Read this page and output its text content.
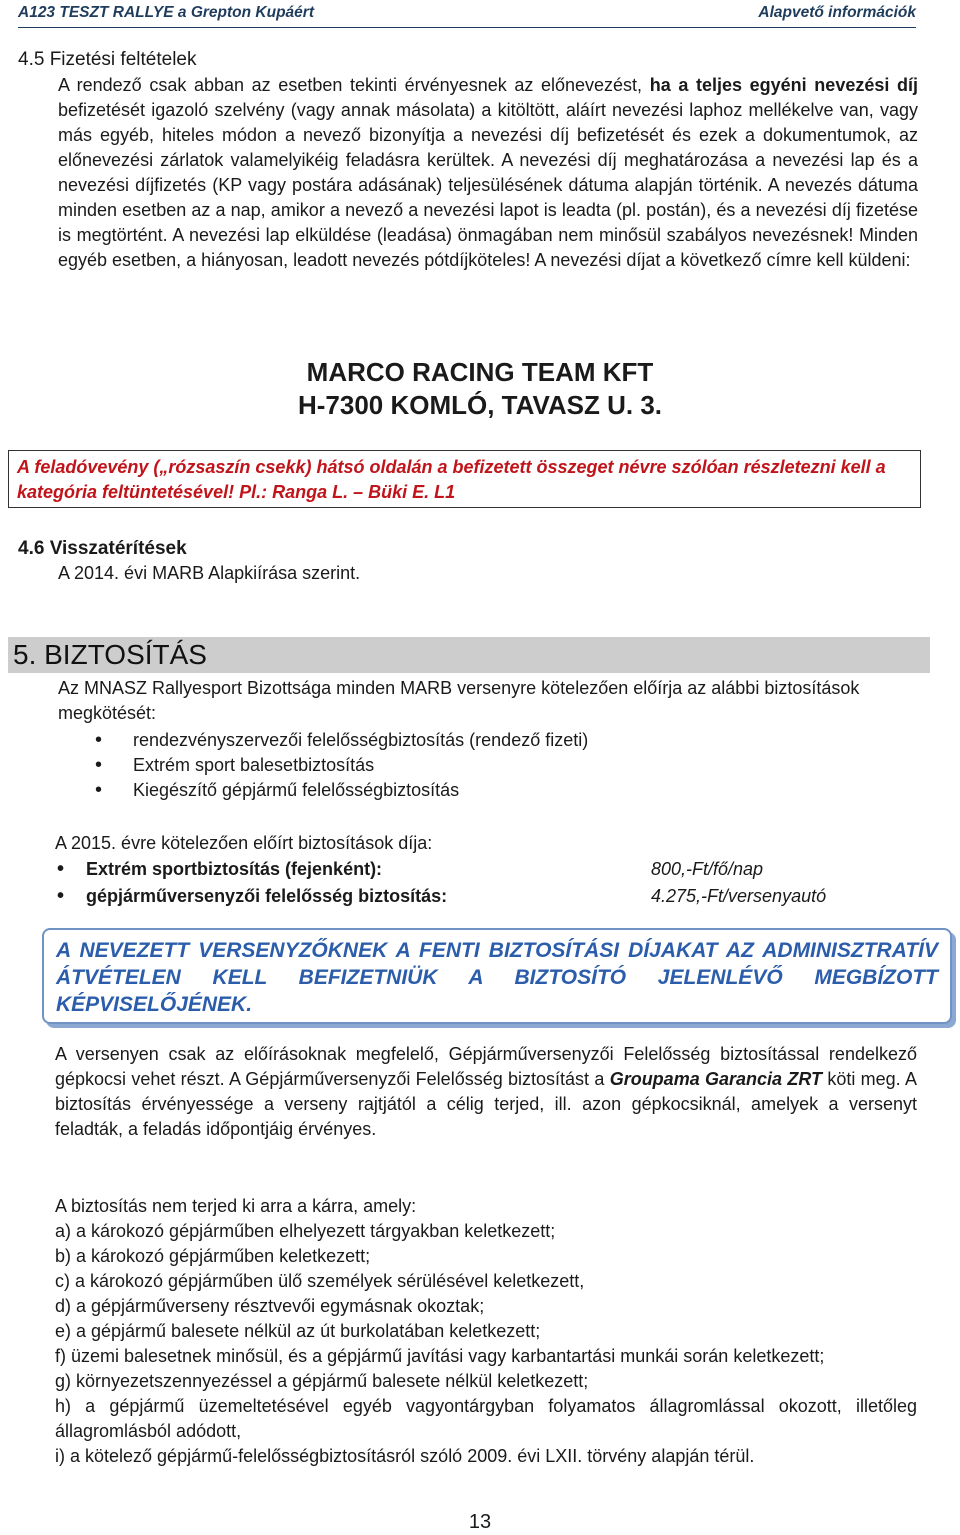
A123 TESZT RALLYE a Grepton Kupáért	Alapvető információk
4.5 Fizetési feltételek
A rendező csak abban az esetben tekinti érvényesnek az előnevezést, ha a teljes egyéni nevezési díj befizetését igazoló szelvény (vagy annak másolata) a kitöltött, aláírt nevezési laphoz mellékelve van, vagy más egyéb, hiteles módon a nevező bizonyítja a nevezési díj befizetését és ezek a dokumentumok, az előnevezési zárlatok valamelyikéig feladásra kerültek. A nevezési díj meghatározása a nevezési lap és a nevezési díjfizetés (KP vagy postára adásának) teljesülésének dátuma alapján történik. A nevezés dátuma minden esetben az a nap, amikor a nevező a nevezési lapot is leadta (pl. postán), és a nevezési díj fizetése is megtörtént. A nevezési lap elküldése (leadása) önmagában nem minősül szabályos nevezésnek! Minden egyéb esetben, a hiányosan, leadott nevezés pótdíjköteles! A nevezési díjat a következő címre kell küldeni:
MARCO RACING TEAM KFT
H-7300 KOMLÓ, TAVASZ U. 3.
A feladóvevény („rózsaszín csekk) hátsó oldalán a befizetett összeget névre szólóan részletezni kell a kategória feltüntetésével! Pl.: Ranga L. – Büki E. L1
4.6 Visszatérítések
A 2014. évi MARB Alapkiírása szerint.
5. BIZTOSÍTÁS
Az MNASZ Rallyesport Bizottsága minden MARB versenyre kötelezően előírja az alábbi biztosítások megkötését:
• rendezvényszervezői felelősségbiztosítás (rendező fizeti)
• Extrém sport balesetbiztosítás
• Kiegészítő gépjármű felelősségbiztosítás
A 2015. évre kötelezően előírt biztosítások díja:
• Extrém sportbiztosítás (fejenként):	800,-Ft/fő/nap
• gépjárműversenyzői felelősség biztosítás:	4.275,-Ft/versenyautó
A NEVEZETT VERSENYZŐKNEK A FENTI BIZTOSÍTÁSI DÍJAKAT AZ ADMINISZTRATÍV ÁTVÉTELEN KELL BEFIZETNIÜK A BIZTOSÍTÓ JELENLÉVŐ MEGBÍZOTT KÉPVISELŐJÉNEK.
A versenyen csak az előírásoknak megfelelő, Gépjárműversenyzői Felelősség biztosítással rendelkező gépkocsi vehet részt. A Gépjárműversenyzői Felelősség biztosítást a Groupama Garancia ZRT köti meg. A biztosítás érvényessége a verseny rajtjától a célig terjed, ill. azon gépkocsiknál, amelyek a versenyt feladták, a feladás időpontjáig érvényes.
A biztosítás nem terjed ki arra a kárra, amely:
a) a károkozó gépjárműben elhelyezett tárgyakban keletkezett;
b) a károkozó gépjárműben keletkezett;
c) a károkozó gépjárműben ülő személyek sérülésével keletkezett,
d) a gépjárműverseny résztvevői egymásnak okoztak;
e) a gépjármű balesete nélkül az út burkolatában keletkezett;
f) üzemi balesetnek minősül, és a gépjármű javítási vagy karbantartási munkái során keletkezett;
g) környezetszennyezéssel a gépjármű balesete nélkül keletkezett;
h) a gépjármű üzemeltetésével egyéb vagyontárgyban folyamatos állagromlással okozott, illetőleg állagromlásból adódott,
i) a kötelező gépjármű-felelősségbiztosításról szóló 2009. évi LXII. törvény alapján térül.
13
